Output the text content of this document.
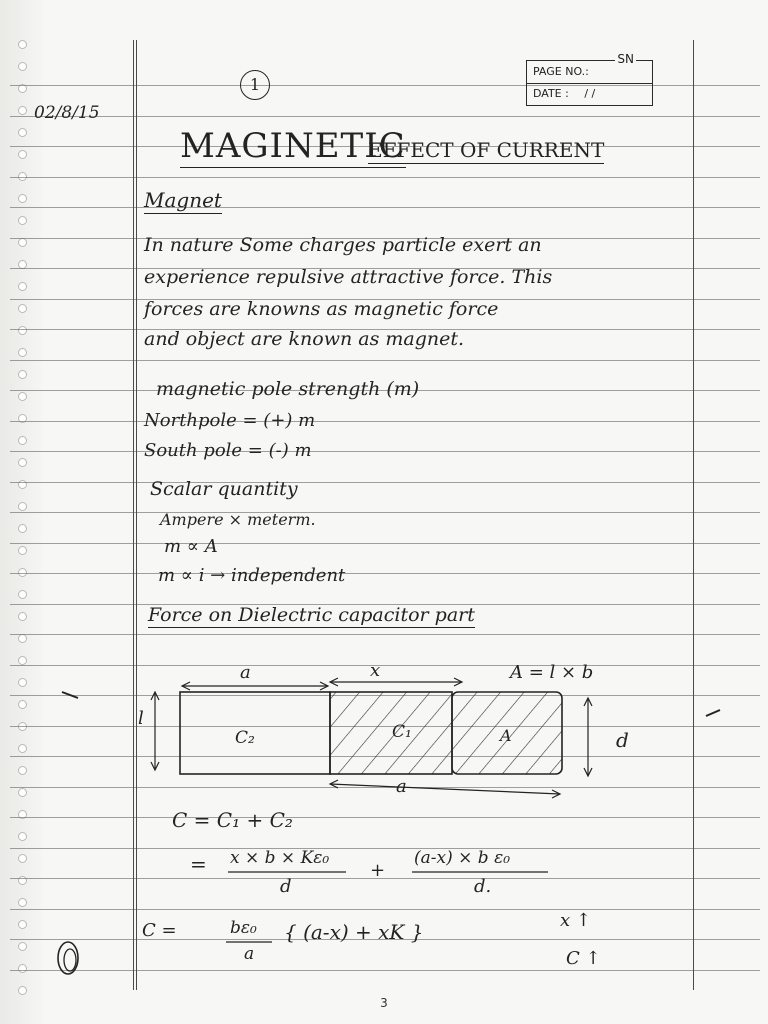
02/8/15
1
PAGE NO.:
SN
DATE : / /
MAGINETIC
EFFECT OF CURRENT
Magnet
In nature Some charges particle exert an
experience repulsive attractive force. This
forces are knowns as magnetic force
and object are known as magnet.
magnetic pole strength (m)
Northpole = (+) m
South pole = (-) m
Scalar quantity
Ampere × meterm.
m ∝ A
m ∝ i → independent
Force on Dielectric capacitor part
a	x	A = l × b
l
d
C₂	C₁	A
a
C = C₁ + C₂
= x × b × Kε₀
d
+
(a-x) × b ε₀
d.
C =	bε₀
a
{ (a-x) + xK }	x ↑
C ↑
3
